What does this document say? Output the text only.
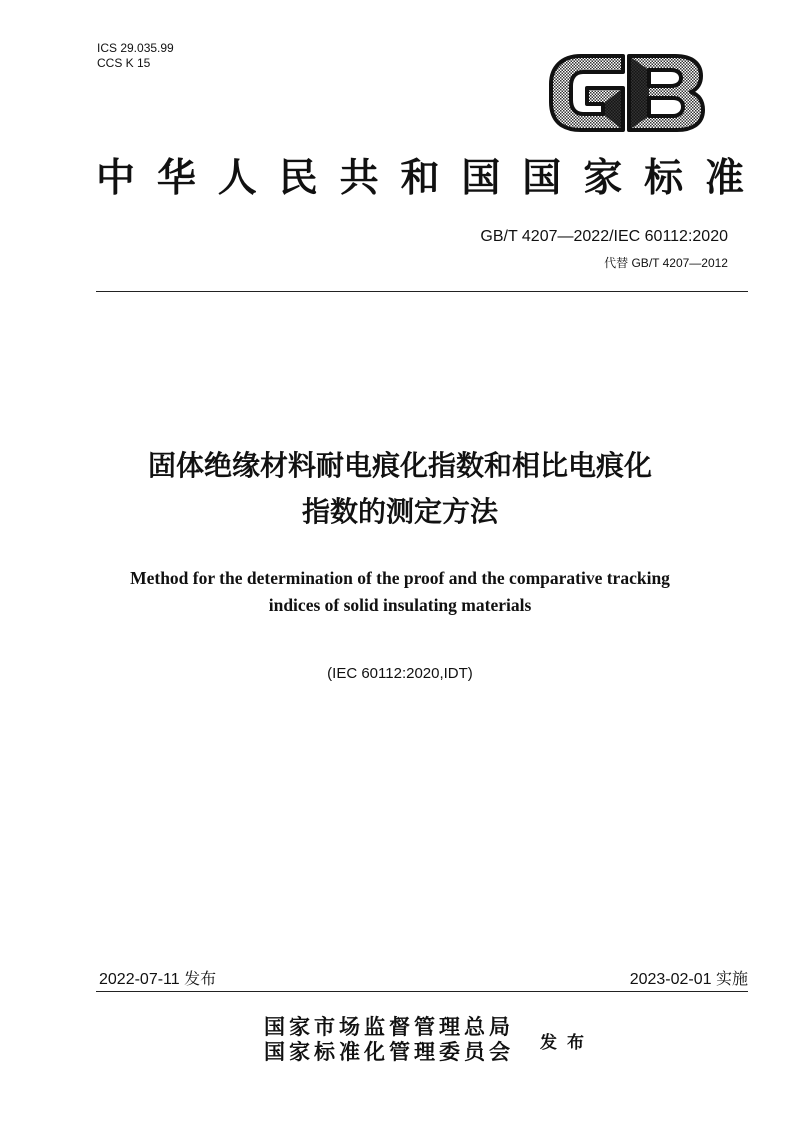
ICS 29.035.99
CCS K 15
GB
中华人民共和国国家标准
GB/T 4207—2022/IEC 60112:2020
代替 GB/T 4207—2012
固体绝缘材料耐电痕化指数和相比电痕化
指数的测定方法
Method for the determination of the proof and the comparative tracking
indices of solid insulating materials
(IEC 60112:2020,IDT)
2022-07-11 发布	2023-02-01 实施
国家市场监督管理总局
国家标准化管理委员会 发布
